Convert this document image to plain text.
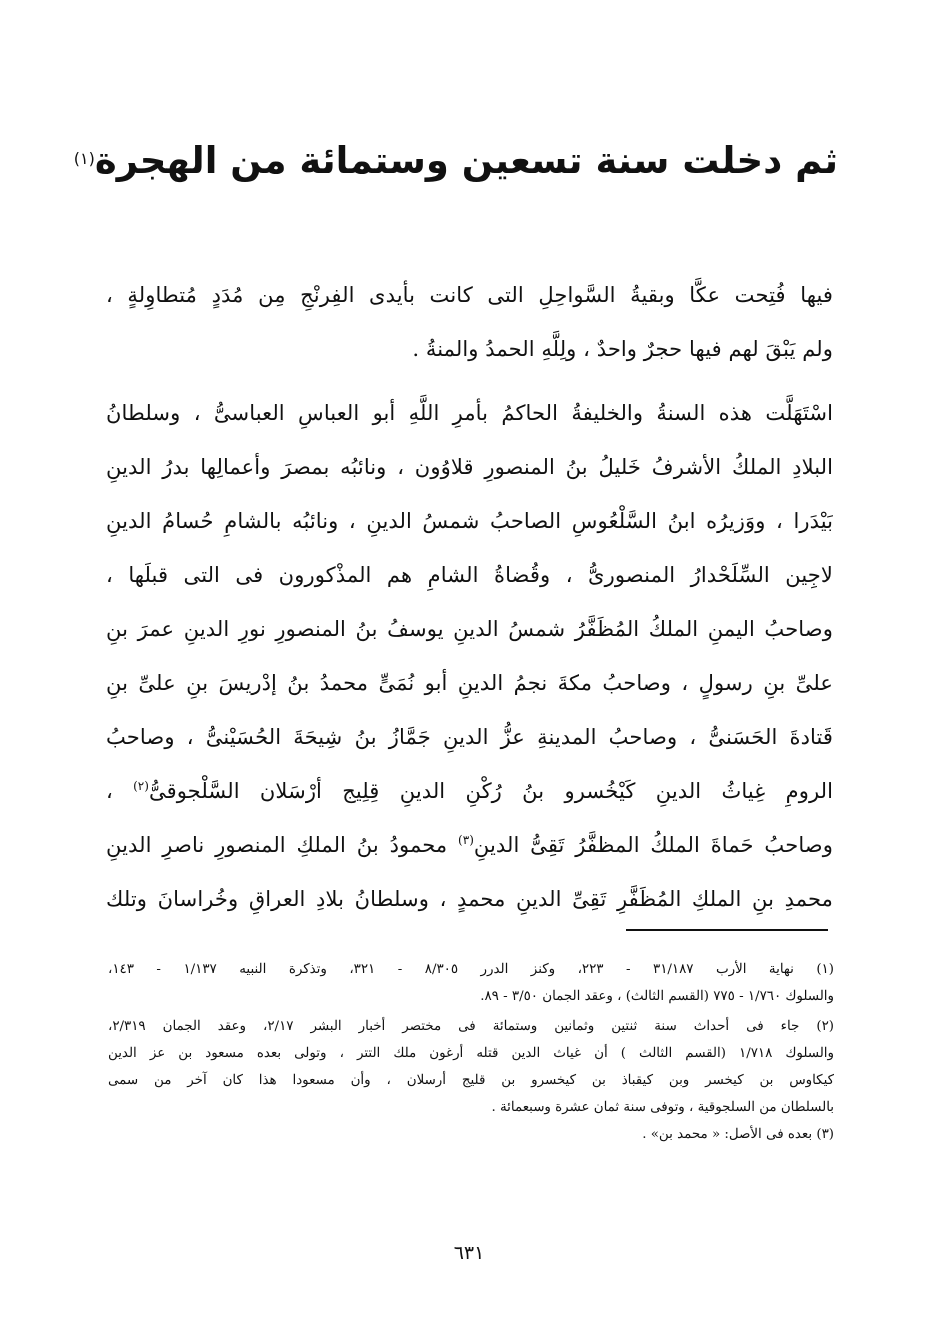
ثم دخلت سنة تسعين وستمائة من الهجرة$^{(١)}$
فيها فُتِحت عكَّا وبقيةُ السَّواحِلِ التى كانت بأيدى الفِرنْجِ مِن مُدَدٍ مُتطاوِلةٍ ،
ولم يَبْقَ لهم فيها حجرٌ واحدٌ ، ولِلَّهِ الحمدُ والمنةُ .
اسْتَهَلَّت هذه السنةُ والخليفةُ الحاكمُ بأمرِ اللَّهِ أبو العباسِ العباسىُّ ، وسلطانُ
البلادِ الملكُ الأشرفُ خَليلُ بنُ المنصورِ قلاوُون ، ونائبُه بمصرَ وأعمالِها بدرُ الدينِ
بَيْدَرا ، ووَزيرُه ابنُ السَّلْعُوسِ الصاحبُ شمسُ الدينِ ، ونائبُه بالشامِ حُسامُ الدينِ
لاجِين السِّلَحْدارُ المنصورىُّ ، وقُضاةُ الشامِ هم المذْكورون فى التى قبلَها ،
وصاحبُ اليمنِ الملكُ المُظَفَّرُ شمسُ الدينِ يوسفُ بنُ المنصورِ نورِ الدينِ عمرَ بنِ
علىِّ بنِ رسولٍ ، وصاحبُ مكةَ نجمُ الدينِ أبو نُمَىٍّ محمدُ بنُ إدْريسَ بنِ علىِّ بنِ
قَتادةَ الحَسَنىُّ ، وصاحبُ المدينةِ عزُّ الدينِ جَمَّازُ بنُ شِيحَةَ الحُسَيْنىُّ ، وصاحبُ
الرومِ غِياثُ الدينِ كَيْخُسرو بنُ رُكْنِ الدينِ قِلِيج أرْسَلان السَّلْجوقىُّ$^{(٢)}$ ،
وصاحبُ حَماةَ الملكُ المظفَّرُ تَقِىُّ الدينِ$^{(٣)}$ محمودُ بنُ الملكِ المنصورِ ناصرِ الدينِ
محمدِ بنِ الملكِ المُظَفَّرِ تَقِىِّ الدينِ محمدٍ ، وسلطانُ بلادِ العراقِ وخُراسانَ وتلك
(١) نهاية الأرب ٣١/١٨٧ - ٢٢٣، وكنز الدرر ٨/٣٠٥ - ٣٢١، وتذكرة النبيه ١/١٣٧ - ١٤٣،
والسلوك ١/٧٦٠ - ٧٧٥ (القسم الثالث) ، وعقد الجمان ٣/٥٠ - ٨٩.
(٢) جاء فى أحداث سنة ثنتين وثمانين وستمائة فى مختصر أخبار البشر ٢/١٧، وعقد الجمان ٢/٣١٩،
والسلوك ١/٧١٨ (القسم الثالث ) أن غياث الدين قتله أرغون ملك التتر ، وتولى بعده مسعود بن عز الدين
كيكاوس بن كيخسر وبن كيقباذ بن كيخسرو بن قليج أرسلان ، وأن مسعودا هذا كان آخر من سمى
بالسلطان من السلجوقية ، وتوفى سنة ثمان عشرة وسبعمائة .
(٣) بعده فى الأصل: « محمد بن» .
٦٣١
